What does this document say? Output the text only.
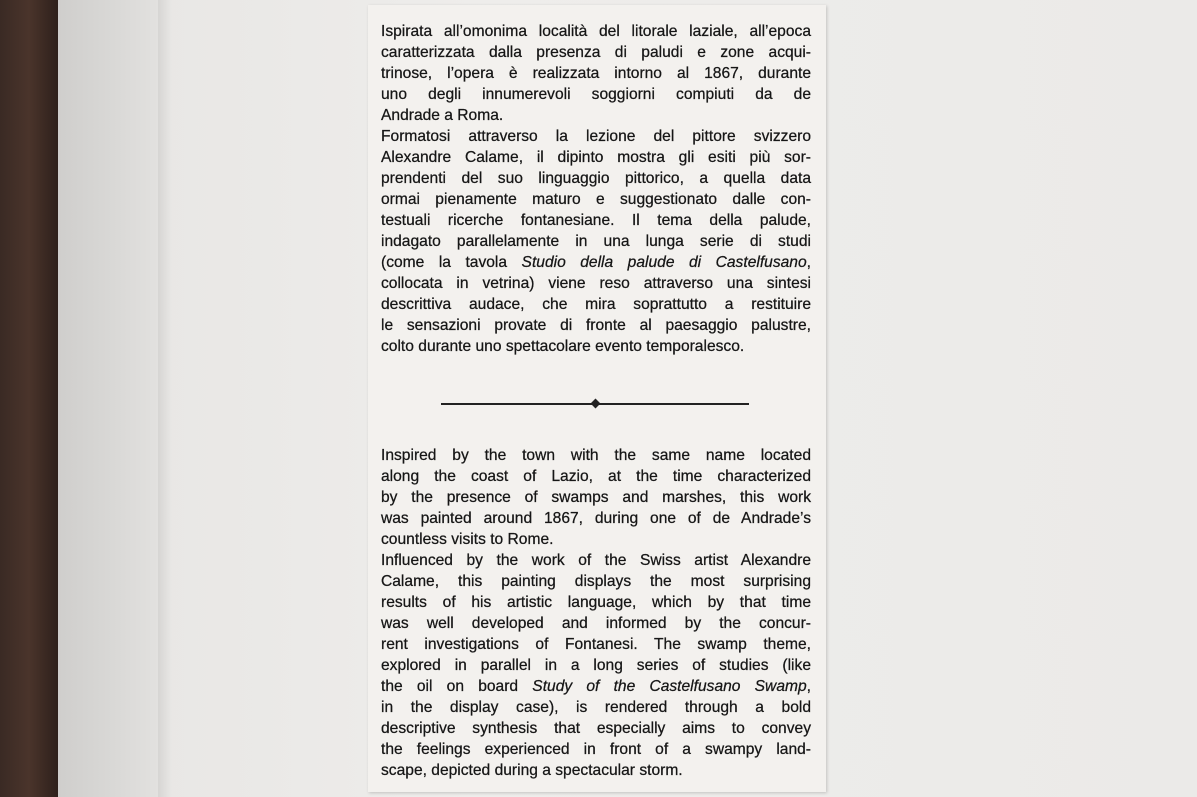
Ispirata all’omonima località del litorale laziale, all’epoca
caratterizzata dalla presenza di paludi e zone acqui-
trinose, l’opera è realizzata intorno al 1867, durante
uno degli innumerevoli soggiorni compiuti da de
Andrade a Roma.
Formatosi attraverso la lezione del pittore svizzero
Alexandre Calame, il dipinto mostra gli esiti più sor-
prendenti del suo linguaggio pittorico, a quella data
ormai pienamente maturo e suggestionato dalle con-
testuali ricerche fontanesiane. Il tema della palude,
indagato parallelamente in una lunga serie di studi
(come la tavola Studio della palude di Castelfusano,
collocata in vetrina) viene reso attraverso una sintesi
descrittiva audace, che mira soprattutto a restituire
le sensazioni provate di fronte al paesaggio palustre,
colto durante uno spettacolare evento temporalesco.
Inspired by the town with the same name located
along the coast of Lazio, at the time characterized
by the presence of swamps and marshes, this work
was painted around 1867, during one of de Andrade’s
countless visits to Rome.
Influenced by the work of the Swiss artist Alexandre
Calame, this painting displays the most surprising
results of his artistic language, which by that time
was well developed and informed by the concur-
rent investigations of Fontanesi. The swamp theme,
explored in parallel in a long series of studies (like
the oil on board Study of the Castelfusano Swamp,
in the display case), is rendered through a bold
descriptive synthesis that especially aims to convey
the feelings experienced in front of a swampy land-
scape, depicted during a spectacular storm.
